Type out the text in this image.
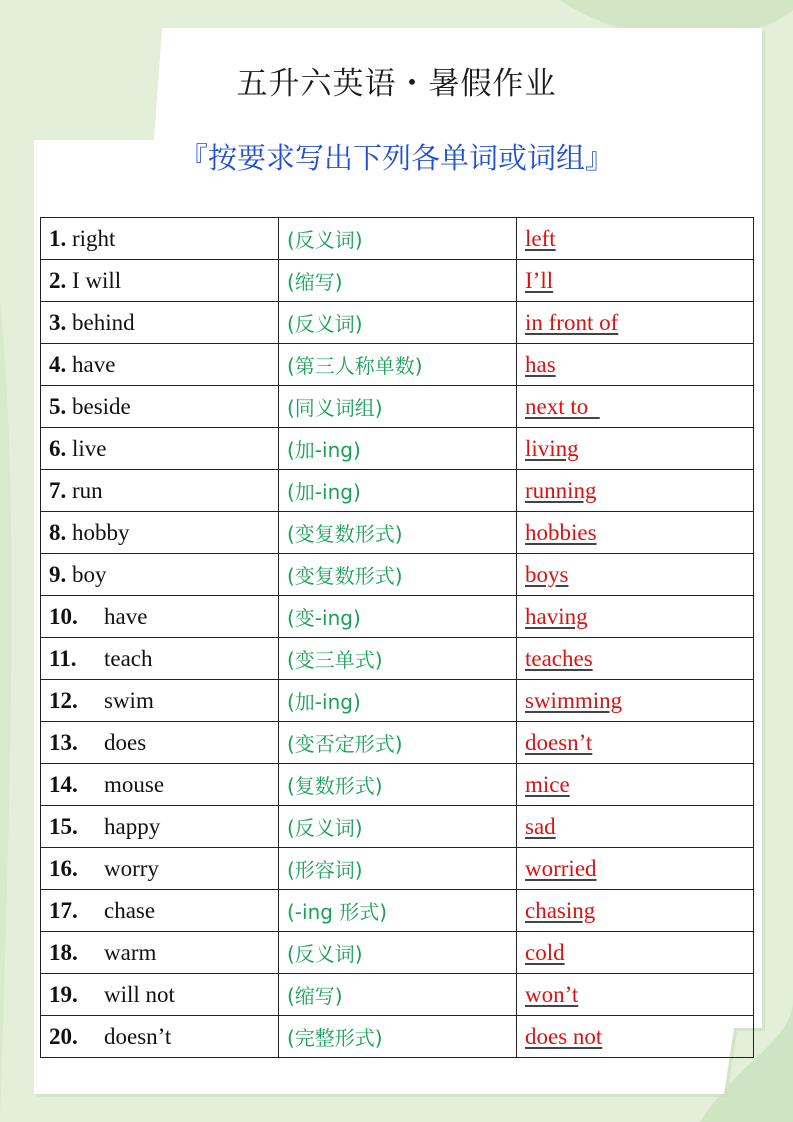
五升六英语・暑假作业
『按要求写出下列各单词或词组』
1. right	(反义词)	left
2. I will	(缩写)	I’ll
3. behind	(反义词)	in front of
4. have	(第三人称单数)	has
5. beside	(同义词组)	next to
6. live	(加-ing)	living
7. run	(加-ing)	running
8. hobby	(变复数形式)	hobbies
9. boy	(变复数形式)	boys
10. have	(变-ing)	having
11. teach	(变三单式)	teaches
12. swim	(加-ing)	swimming
13. does	(变否定形式)	doesn’t
14. mouse	(复数形式)	mice
15. happy	(反义词)	sad
16. worry	(形容词)	worried
17. chase	(-ing 形式)	chasing
18. warm	(反义词)	cold
19. will not	(缩写)	won’t
20. doesn’t	(完整形式)	does not
